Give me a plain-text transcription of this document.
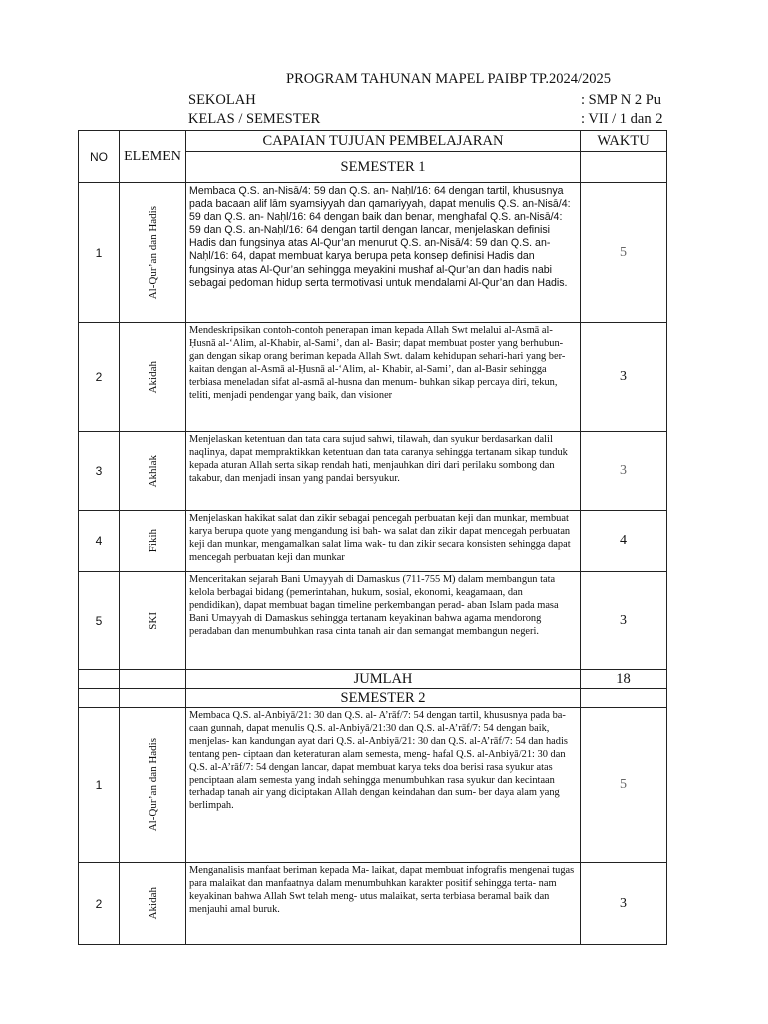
PROGRAM TAHUNAN MAPEL PAIBP TP.2024/2025
SEKOLAH	: SMP N 2 Pu
KELAS / SEMESTER	: VII / 1 dan 2
NO	ELEMEN	CAPAIAN TUJUAN PEMBELAJARAN	WAKTU
		SEMESTER 1	
1	Al-Qur’an dan Hadis	Membaca Q.S. an-Nisā/4: 59 dan Q.S. an- Naḥl/16: 64 dengan tartil, khususnya pada bacaan alif lām syamsiyyah dan qamariyyah, dapat menulis Q.S. an-Nisā/4: 59 dan Q.S. an- Naḥl/16: 64 dengan baik dan benar, menghafal Q.S. an-Nisā/4: 59 dan Q.S. an-Naḥl/16: 64 dengan tartil dengan lancar, menjelaskan definisi Hadis dan fungsinya atas Al-Qur’an menurut Q.S. an-Nisā/4: 59 dan Q.S. an-Naḥl/16: 64, dapat membuat karya berupa peta konsep definisi Hadis dan fungsinya atas Al-Qur’an sehingga meyakini mushaf al-Qur’an dan hadis nabi sebagai pedoman hidup serta termotivasi untuk mendalami Al-Qur’an dan Hadis.	5
2	Akidah	Mendeskripsikan contoh-contoh penerapan iman kepada Allah Swt melalui al-Asmā al-Ḥusnā al-‘Alim, al-Khabir, al-Sami’, dan al- Basir; dapat membuat poster yang berhubun- gan dengan sikap orang beriman kepada Allah Swt. dalam kehidupan sehari-hari yang ber- kaitan dengan al-Asmā al-Ḥusnā al-‘Alim, al- Khabir, al-Sami’, dan al-Basir sehingga terbiasa meneladan sifat al-asmā al-husna dan menum- buhkan sikap percaya diri, tekun, teliti, menjadi pendengar yang baik, dan visioner	3
3	Akhlak	Menjelaskan ketentuan dan tata cara sujud sahwi, tilawah, dan syukur berdasarkan dalil naqlinya, dapat mempraktikkan ketentuan dan tata caranya sehingga tertanam sikap tunduk kepada aturan Allah serta sikap rendah hati, menjauhkan diri dari perilaku sombong dan takabur, dan menjadi insan yang pandai bersyukur.	3
4	Fikih	Menjelaskan hakikat salat dan zikir sebagai pencegah perbuatan keji dan munkar, membuat karya berupa quote yang mengandung isi bah- wa salat dan zikir dapat mencegah perbuatan keji dan munkar, mengamalkan salat lima wak- tu dan zikir secara konsisten sehingga dapat mencegah perbuatan keji dan munkar	4
5	SKI	Menceritakan sejarah Bani Umayyah di Damaskus (711-755 M) dalam membangun tata kelola berbagai bidang (pemerintahan, hukum, sosial, ekonomi, keagamaan, dan pendidikan), dapat membuat bagan timeline perkembangan perad- aban Islam pada masa Bani Umayyah di Damaskus sehingga tertanam keyakinan bahwa agama mendorong peradaban dan menumbuhkan rasa cinta tanah air dan semangat membangun negeri.	3
		JUMLAH	18
		SEMESTER 2	
1	Al-Qur’an dan Hadis	Membaca Q.S. al-Anbiyā/21: 30 dan Q.S. al- A’rāf/7: 54 dengan tartil, khususnya pada ba- caan gunnah, dapat menulis Q.S. al-Anbiyā/21:30 dan Q.S. al-A’rāf/7: 54 dengan baik, menjelas- kan kandungan ayat dari Q.S. al-Anbiyā/21: 30 dan Q.S. al-A’rāf/7: 54 dan hadis tentang pen- ciptaan dan keteraturan alam semesta, meng- hafal Q.S. al-Anbiyā/21: 30 dan Q.S. al-A’rāf/7: 54 dengan lancar, dapat membuat karya teks doa berisi rasa syukur atas penciptaan alam semesta yang indah sehingga menumbuhkan rasa syukur dan kecintaan terhadap tanah air yang diciptakan Allah dengan keindahan dan sum- ber daya alam yang berlimpah.	5
2	Akidah	Menganalisis manfaat beriman kepada Ma- laikat, dapat membuat infografis mengenai tugas para malaikat dan manfaatnya dalam menumbuhkan karakter positif sehingga terta- nam keyakinan bahwa Allah Swt telah meng- utus malaikat, serta terbiasa beramal baik dan menjauhi amal buruk.	3
